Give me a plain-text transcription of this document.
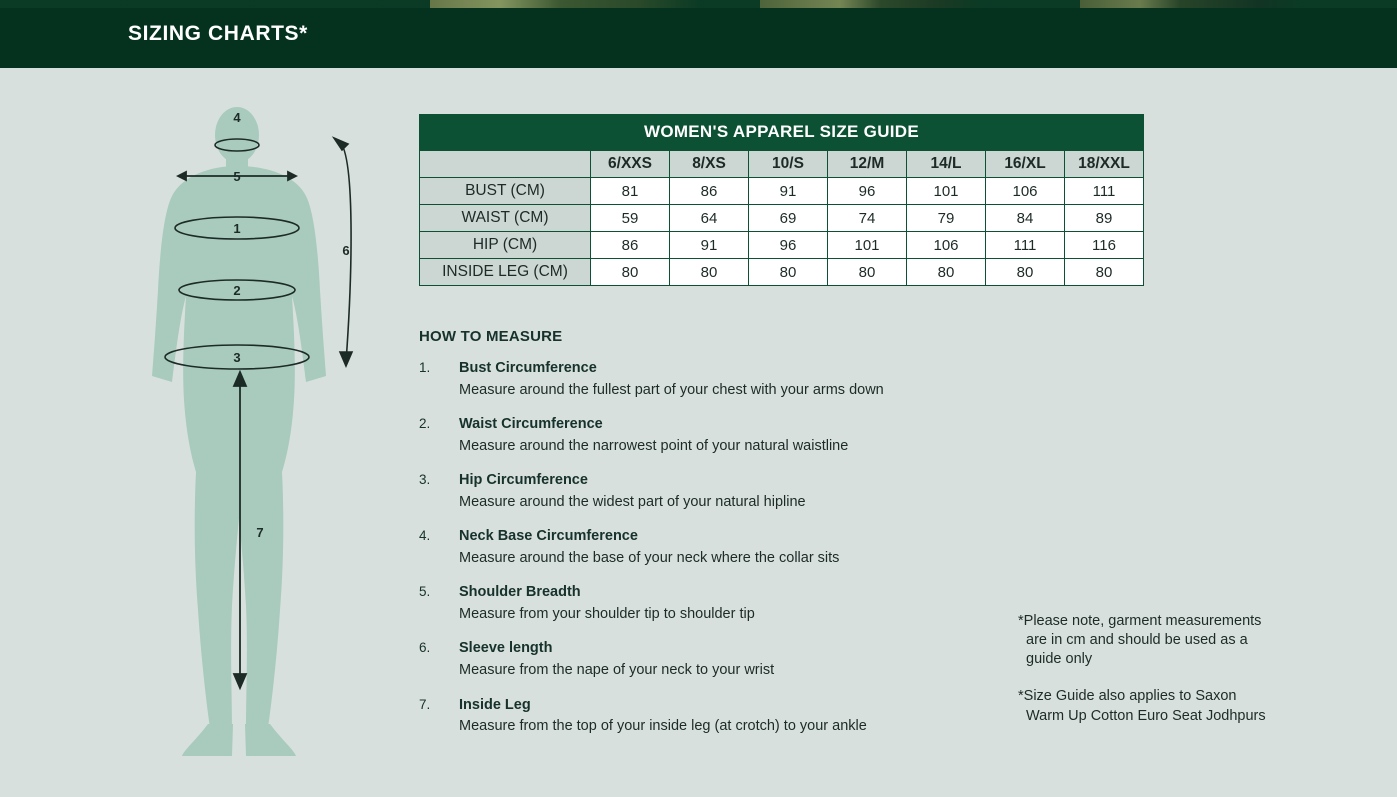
SIZING CHARTS*
4
5
1
2
3
6
7
WOMEN'S APPAREL SIZE GUIDE							
	6/XXS	8/XS	10/S	12/M	14/L	16/XL	18/XXL
BUST (CM)	81	86	91	96	101	106	111
WAIST (CM)	59	64	69	74	79	84	89
HIP (CM)	86	91	96	101	106	111	116
INSIDE LEG (CM)	80	80	80	80	80	80	80
HOW TO MEASURE
1. Bust Circumference
Measure around the fullest part of your chest with your arms down
2. Waist Circumference
Measure around the narrowest point of your natural waistline
3. Hip Circumference
Measure around the widest part of your natural hipline
4. Neck Base Circumference
Measure around the base of your neck where the collar sits
5. Shoulder Breadth
Measure from your shoulder tip to shoulder tip
6. Sleeve length
Measure from the nape of your neck to your wrist
7. Inside Leg
Measure from the top of your inside leg (at crotch) to your ankle

*Please note, garment measurements

are in cm and should be used as a

guide only

*Size Guide also applies to Saxon

Warm Up Cotton Euro Seat Jodhpurs
